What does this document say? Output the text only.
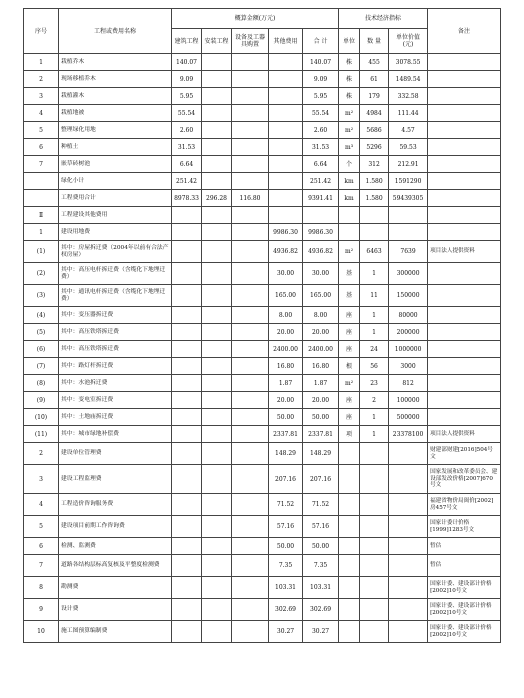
序号	工程或费用名称	概算金额(万元)					技术经济指标			备注
		建筑工程	安装工程	设备及工器具购置	其他费用	合 计	单位	数 量	单位价值(元)	
1	栽植乔木	140.07				140.07	株	455	3078.55	
2	现场移植乔木	9.09				9.09	株	61	1489.54	
3	栽植灌木	5.95				5.95	株	179	332.58	
4	栽植地被	55.54				55.54	m²	4984	111.44	
5	整理绿化用地	2.60				2.60	m²	5686	4.57	
6	种植土	31.53				31.53	m³	5296	59.53	
7	嵌草砖树池	6.64				6.64	个	312	212.91	
	绿化小计	251.42				251.42	km	1.580	1591290	
	工程费用合计	8978.33	296.28	116.80		9391.41	km	1.580	59439305	
Ⅱ	工程建设其他费用									
1	建设用地费				9986.30	9986.30				
(1)	其中：房屋拆迁费（2004年以前有合法产权房屋）				4936.82	4936.82	m²	6463	7639	项目法人提供资料
(2)	其中：高压电杆拆迁费（含缆化下地埋迁费）				30.00	30.00	基	1	300000	
(3)	其中：通讯电杆拆迁费（含缆化下地埋迁费）				165.00	165.00	基	11	150000	
(4)	其中：变压器拆迁费				8.00	8.00	座	1	80000	
(5)	其中：高压铁塔拆迁费				20.00	20.00	座	1	200000	
(6)	其中：高压铁塔拆迁费				2400.00	2400.00	座	24	1000000	
(7)	其中：路灯杆拆迁费				16.80	16.80	根	56	3000	
(8)	其中：水池拆迁费				1.87	1.87	m²	23	812	
(9)	其中：变电室拆迁费				20.00	20.00	座	2	100000	
(10)	其中：土地庙拆迁费				50.00	50.00	座	1	500000	
(11)	其中：城市绿地补偿费				2337.81	2337.81	项	1	23378100	项目法人提供资料
2	建设单位管理费				148.29	148.29				财建部财建[2016]504号文
3	建设工程监理费				207.16	207.16				国家发展和改革委员会、建设部发改价格[2007]670号文
4	工程造价咨询服务费				71.52	71.52				福建省物价局闽价[2002]房457号文
5	建设项目前期工作咨询费				57.16	57.16				国家计委计价格[1999]1283号文
6	检测、监测费				50.00	50.00				暂估
7	道路各结构层标高复核及平整度检测费				7.35	7.35				暂估
8	勘测费				103.31	103.31				国家计委、建设部计价格[2002]10号文
9	设计费				302.69	302.69				国家计委、建设部计价格[2002]10号文
10	施工图预算编制费				30.27	30.27				国家计委、建设部计价格[2002]10号文
